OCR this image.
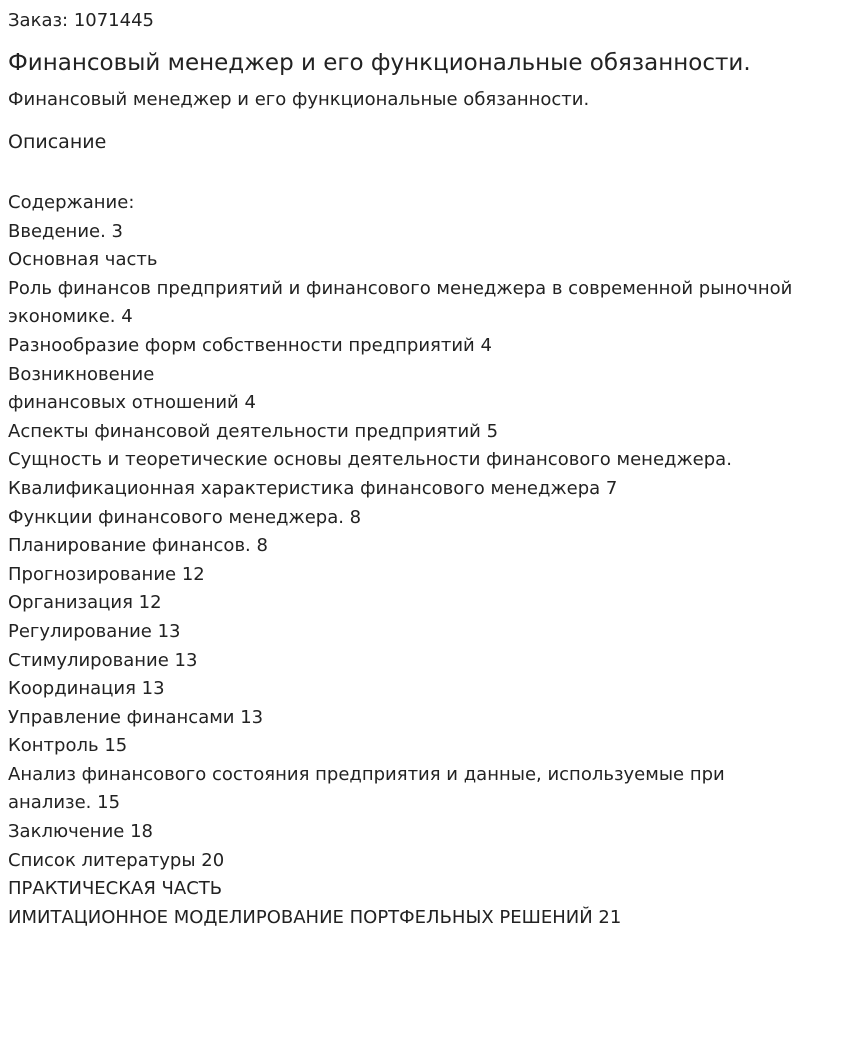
Заказ: 1071445
Финансовый менеджер и его функциональные обязанности.
Финансовый менеджер и его функциональные обязанности.
Описание
Содержание:
Введение. 3
Основная часть
Роль финансов предприятий и финансового менеджера в современной рыночной
экономике. 4
Разнообразие форм собственности предприятий 4
Возникновение
финансовых отношений 4
Аспекты финансовой деятельности предприятий 5
Сущность и теоретические основы деятельности финансового менеджера.
Квалификационная характеристика финансового менеджера 7
Функции финансового менеджера. 8
Планирование финансов. 8
Прогнозирование 12
Организация 12
Регулирование 13
Стимулирование 13
Координация 13
Управление финансами 13
Контроль 15
Анализ финансового состояния предприятия и данные, используемые при
анализе. 15
Заключение 18
Список литературы 20
ПРАКТИЧЕСКАЯ ЧАСТЬ
ИМИТАЦИОННОЕ МОДЕЛИРОВАНИЕ ПОРТФЕЛЬНЫХ РЕШЕНИЙ 21
